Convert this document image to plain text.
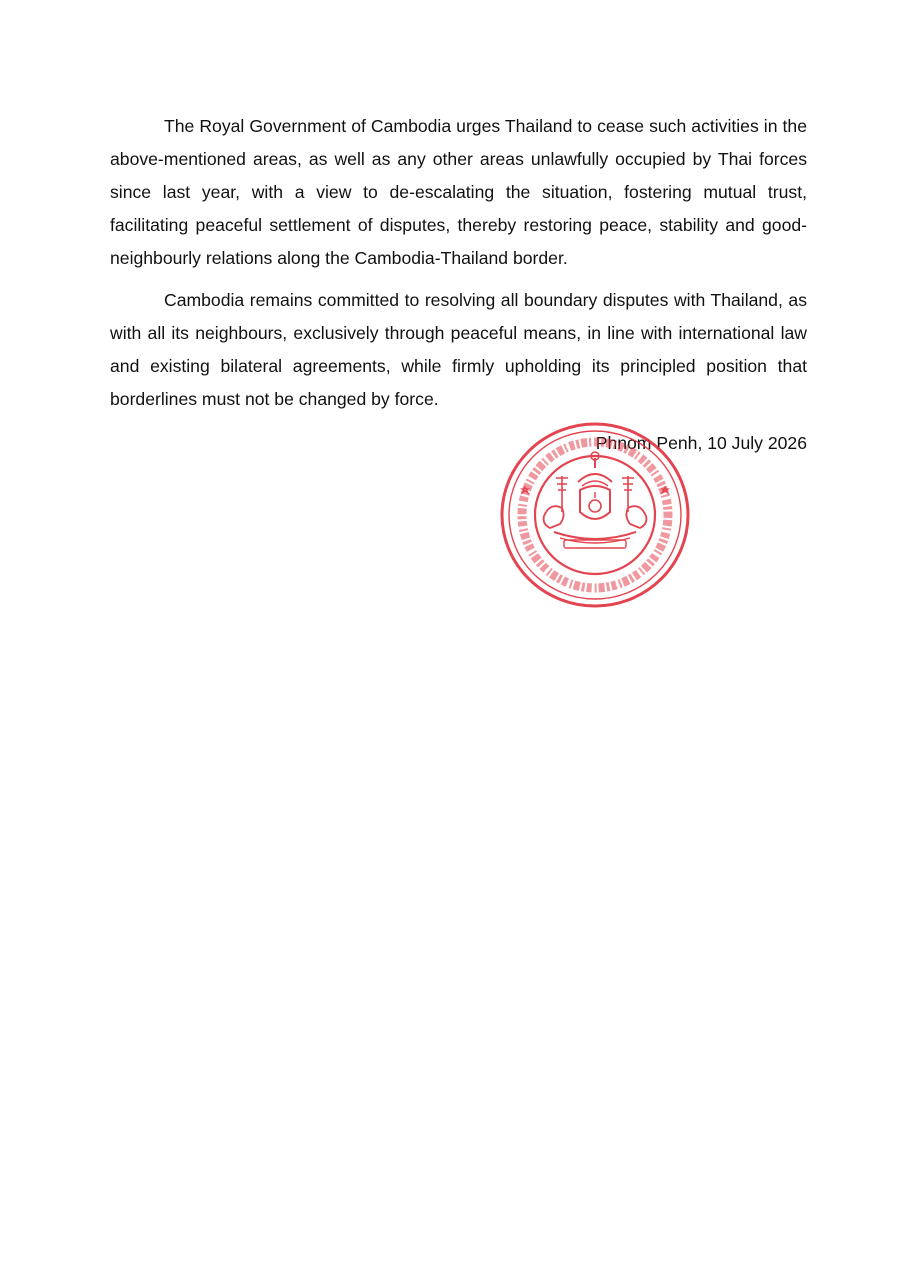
The Royal Government of Cambodia urges Thailand to cease such activities in the above-mentioned areas, as well as any other areas unlawfully occupied by Thai forces since last year, with a view to de-escalating the situation, fostering mutual trust, facilitating peaceful settlement of disputes, thereby restoring peace, stability and good-neighbourly relations along the Cambodia-Thailand border.

Cambodia remains committed to resolving all boundary disputes with Thailand, as with all its neighbours, exclusively through peaceful means, in line with international law and existing bilateral agreements, while firmly upholding its principled position that borderlines must not be changed by force.

Phnom Penh, 10 July 2026
